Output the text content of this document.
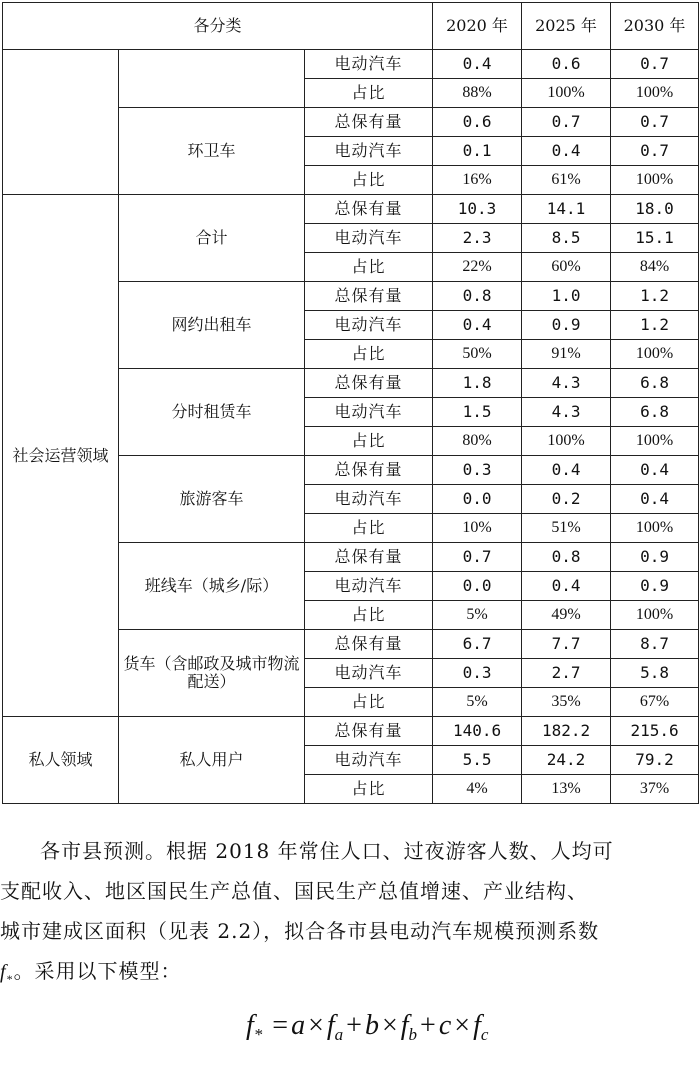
各分类			2020 年	2025 年	2030 年
		电动汽车	0.4	0.6	0.7
		占比	88%	100%	100%
	环卫车	总保有量	0.6	0.7	0.7
		电动汽车	0.1	0.4	0.7
		占比	16%	61%	100%
社会运营领域	合计	总保有量	10.3	14.1	18.0
		电动汽车	2.3	8.5	15.1
		占比	22%	60%	84%
	网约出租车	总保有量	0.8	1.0	1.2
		电动汽车	0.4	0.9	1.2
		占比	50%	91%	100%
	分时租赁车	总保有量	1.8	4.3	6.8
		电动汽车	1.5	4.3	6.8
		占比	80%	100%	100%
	旅游客车	总保有量	0.3	0.4	0.4
		电动汽车	0.0	0.2	0.4
		占比	10%	51%	100%
	班线车（城乡/际）	总保有量	0.7	0.8	0.9
		电动汽车	0.0	0.4	0.9
		占比	5%	49%	100%
	货车（含邮政及城市物流配送）	总保有量	6.7	7.7	8.7
		电动汽车	0.3	2.7	5.8
		占比	5%	35%	67%
私人领域	私人用户	总保有量	140.6	182.2	215.6
		电动汽车	5.5	24.2	79.2
		占比	4%	13%	37%
各市县预测。根据 2018 年常住人口、过夜游客人数、人均可
支配收入、地区国民生产总值、国民生产总值增速、产业结构、
城市建成区面积（见表 2.2），拟合各市县电动汽车规模预测系数
$f_*$。采用以下模型：
$f_* = a \times f_a + b \times f_b + c \times f_c$
